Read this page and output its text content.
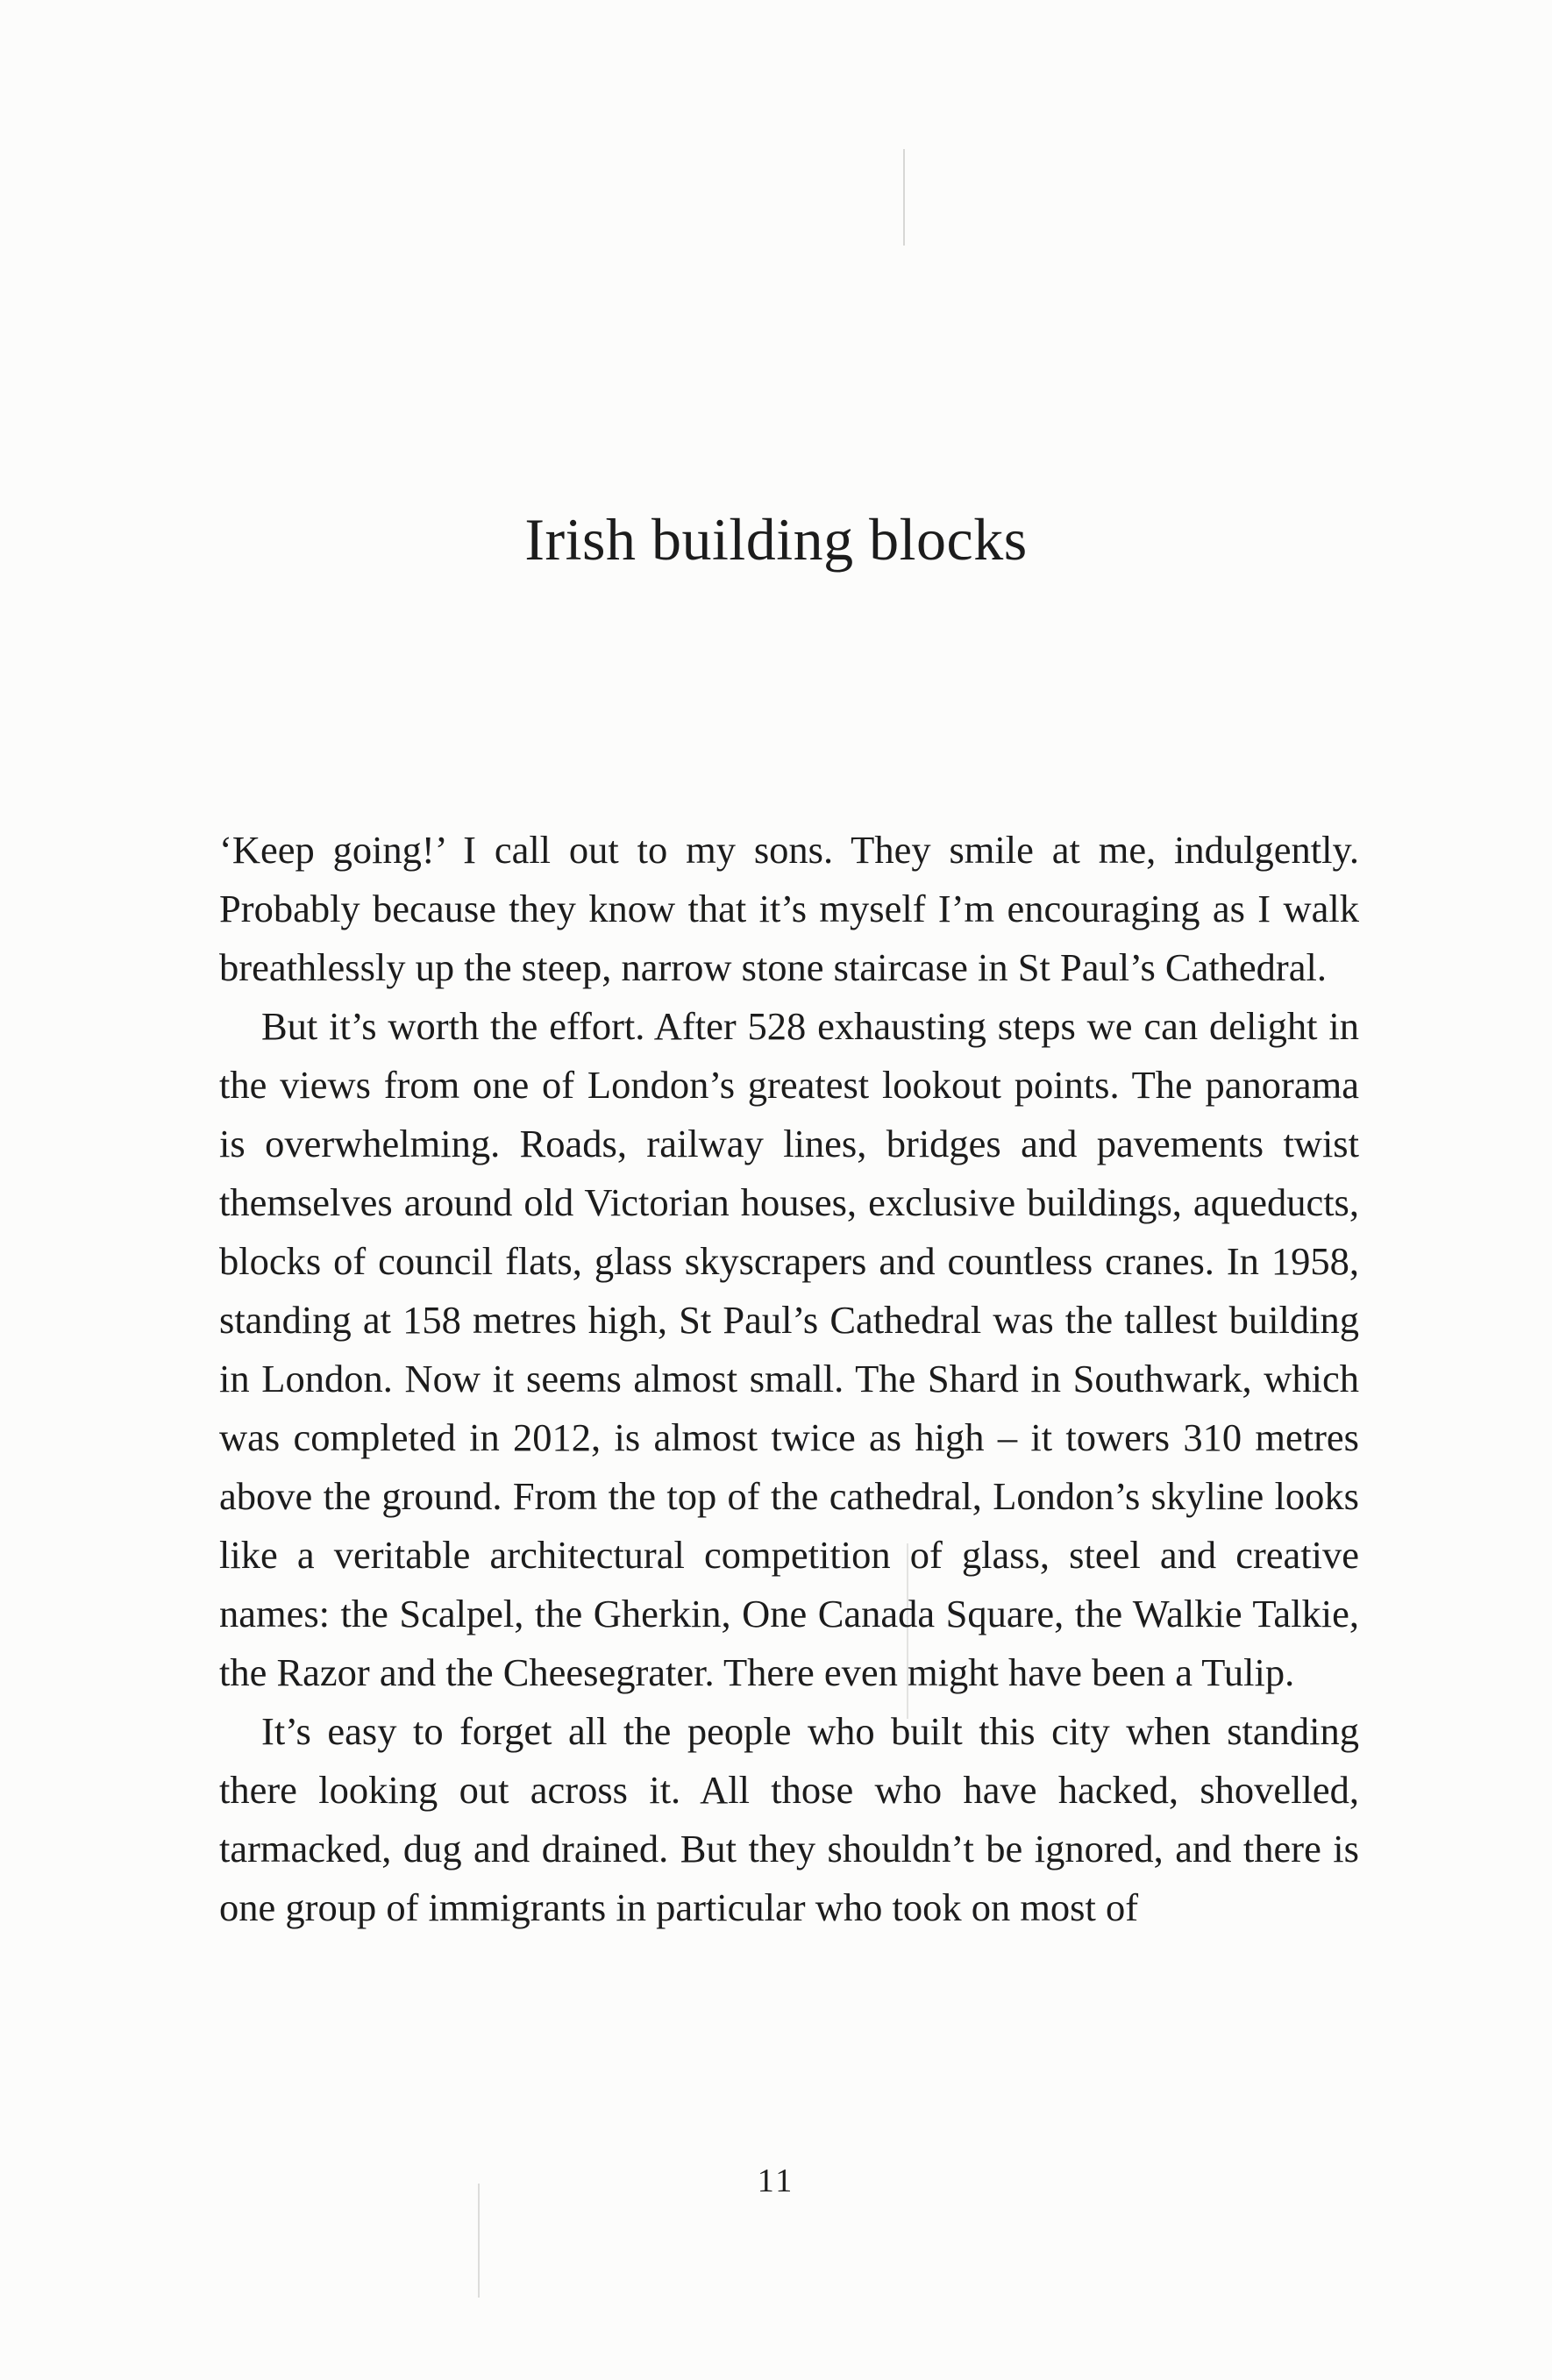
Irish building blocks

‘Keep going!’ I call out to my sons. They smile at me, indulgently. Probably because they know that it’s myself I’m encouraging as I walk breathlessly up the steep, narrow stone staircase in St Paul’s Cathedral.

But it’s worth the effort. After 528 exhausting steps we can delight in the views from one of London’s greatest lookout points. The panorama is overwhelming. Roads, railway lines, bridges and pavements twist themselves around old Victorian houses, exclusive buildings, aqueducts, blocks of council flats, glass skyscrapers and countless cranes. In 1958, standing at 158 metres high, St Paul’s Cathedral was the tallest building in London. Now it seems almost small. The Shard in Southwark, which was completed in 2012, is almost twice as high – it towers 310 metres above the ground. From the top of the cathedral, London’s skyline looks like a veritable architectural competition of glass, steel and creative names: the Scalpel, the Gherkin, One Canada Square, the Walkie Talkie, the Razor and the Cheesegrater. There even might have been a Tulip.

It’s easy to forget all the people who built this city when standing there looking out across it. All those who have hacked, shovelled, tarmacked, dug and drained. But they shouldn’t be ignored, and there is one group of immigrants in particular who took on most of

11
